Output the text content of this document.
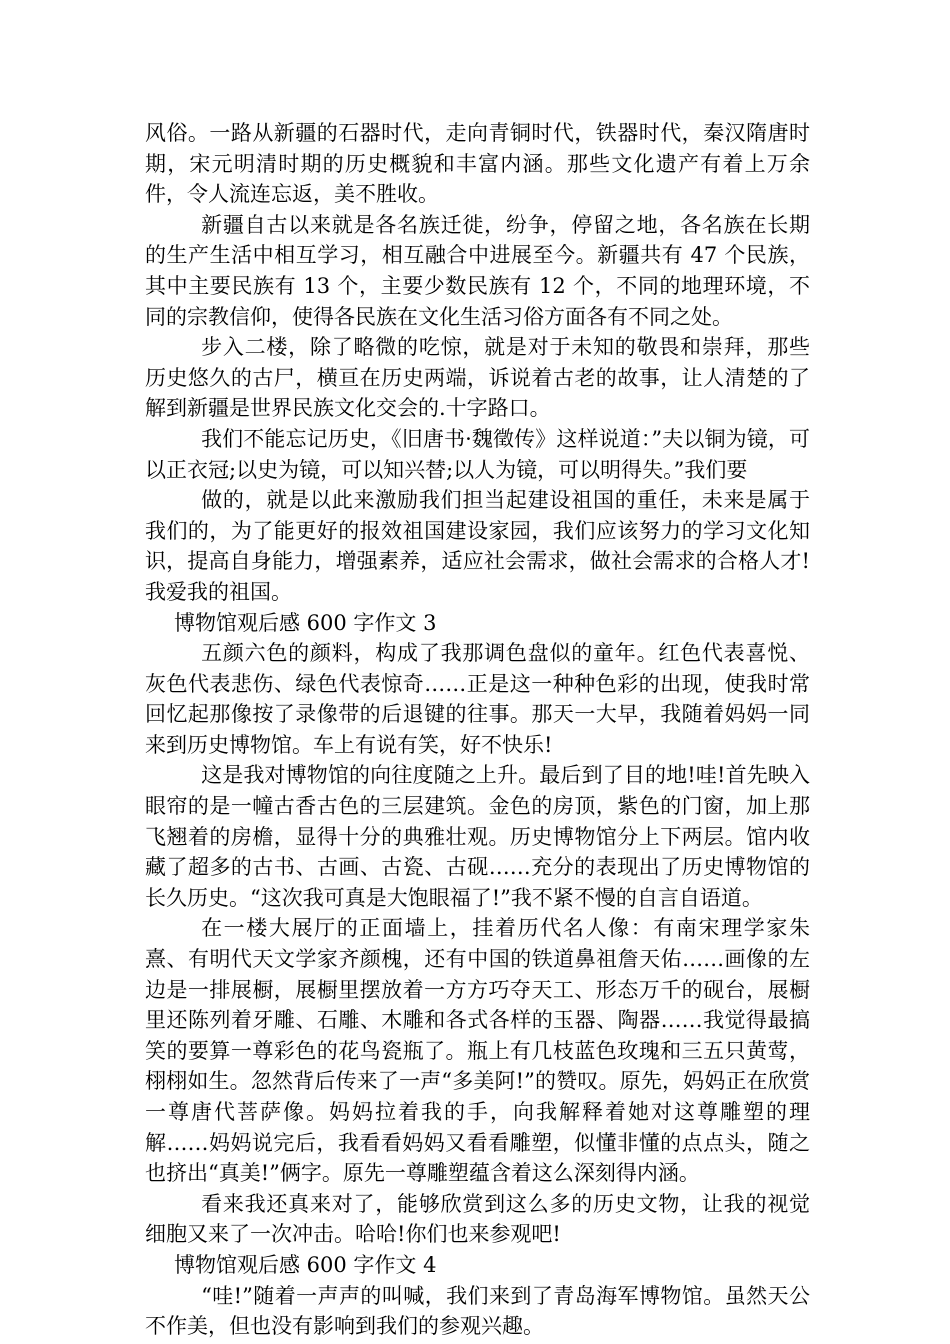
风俗。一路从新疆的石器时代，走向青铜时代，铁器时代，秦汉隋唐时期，宋元明清时期的历史概貌和丰富内涵。那些文化遗产有着上万余件，令人流连忘返，美不胜收。

新疆自古以来就是各名族迁徙，纷争，停留之地，各名族在长期的生产生活中相互学习，相互融合中进展至今。新疆共有 47 个民族，其中主要民族有 13 个，主要少数民族有 12 个，不同的地理环境，不同的宗教信仰，使得各民族在文化生活习俗方面各有不同之处。

步入二楼，除了略微的吃惊，就是对于未知的敬畏和崇拜，那些历史悠久的古尸，横亘在历史两端，诉说着古老的故事，让人清楚的了解到新疆是世界民族文化交会的.十字路口。

我们不能忘记历史，《旧唐书·魏徵传》这样说道：”夫以铜为镜，可以正衣冠;以史为镜，可以知兴替;以人为镜，可以明得失。”我们要

做的，就是以此来激励我们担当起建设祖国的重任，未来是属于我们的，为了能更好的报效祖国建设家园，我们应该努力的学习文化知识，提高自身能力，增强素养，适应社会需求，做社会需求的合格人才!我爱我的祖国。

博物馆观后感 600 字作文 3

五颜六色的颜料，构成了我那调色盘似的童年。红色代表喜悦、灰色代表悲伤、绿色代表惊奇……正是这一种种色彩的出现，使我时常回忆起那像按了录像带的后退键的往事。那天一大早，我随着妈妈一同来到历史博物馆。车上有说有笑，好不快乐!

这是我对博物馆的向往度随之上升。最后到了目的地!哇!首先映入眼帘的是一幢古香古色的三层建筑。金色的房顶，紫色的门窗，加上那飞翘着的房檐，显得十分的典雅壮观。历史博物馆分上下两层。馆内收藏了超多的古书、古画、古瓷、古砚……充分的表现出了历史博物馆的长久历史。“这次我可真是大饱眼福了!”我不紧不慢的自言自语道。

在一楼大展厅的正面墙上，挂着历代名人像：有南宋理学家朱熹、有明代天文学家齐颜槐，还有中国的铁道鼻祖詹天佑……画像的左边是一排展橱，展橱里摆放着一方方巧夺天工、形态万千的砚台，展橱里还陈列着牙雕、石雕、木雕和各式各样的玉器、陶器……我觉得最搞笑的要算一尊彩色的花鸟瓷瓶了。瓶上有几枝蓝色玫瑰和三五只黄莺，栩栩如生。忽然背后传来了一声“多美阿!”的赞叹。原先，妈妈正在欣赏一尊唐代菩萨像。妈妈拉着我的手，向我解释着她对这尊雕塑的理解……妈妈说完后，我看看妈妈又看看雕塑，似懂非懂的点点头，随之也挤出“真美!”俩字。原先一尊雕塑蕴含着这么深刻得内涵。

看来我还真来对了，能够欣赏到这么多的历史文物，让我的视觉细胞又来了一次冲击。哈哈!你们也来参观吧!

博物馆观后感 600 字作文 4

“哇!”随着一声声的叫喊，我们来到了青岛海军博物馆。虽然天公不作美，但也没有影响到我们的参观兴趣。
